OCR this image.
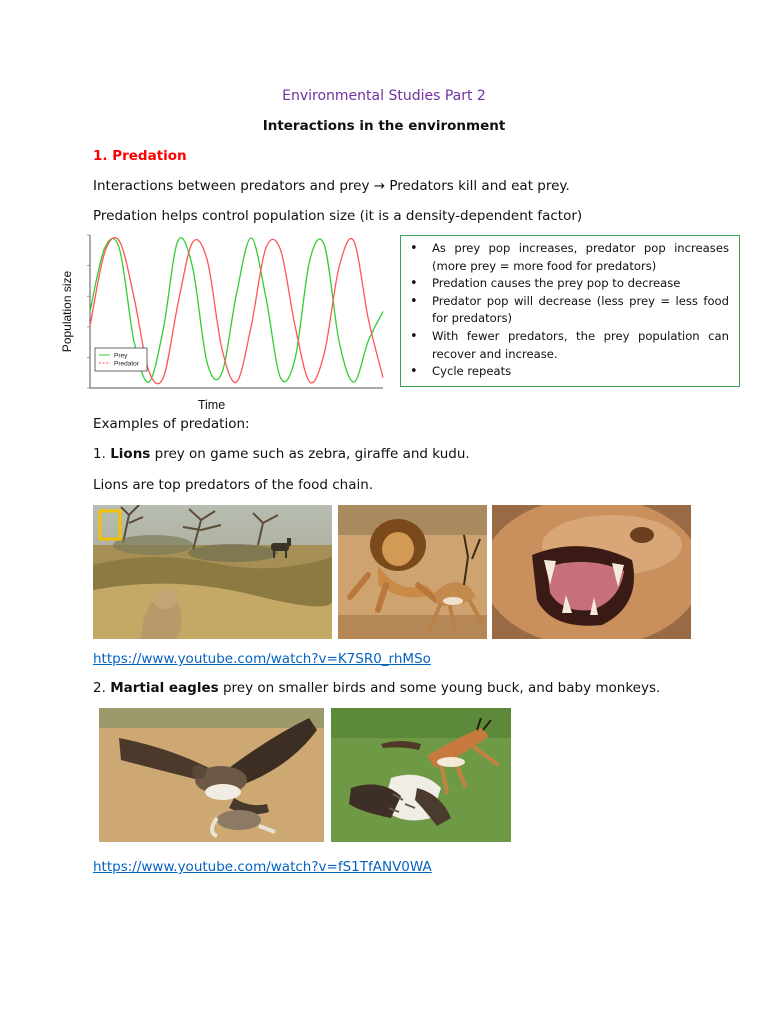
Environmental Studies Part 2
Interactions in the environment
1. Predation
Interactions between predators and prey → Predators kill and eat prey.
Predation helps control population size (it is a density-dependent factor)
Prey
Predator
Population size
Time
• As prey pop increases, predator pop increases (more prey = more food for predators)
• Predation causes the prey pop to decrease
• Predator pop will decrease (less prey = less food for predators)
• With fewer predators, the prey population can recover and increase.
• Cycle repeats
Examples of predation:
1. Lions prey on game such as zebra, giraffe and kudu.
Lions are top predators of the food chain.
https://www.youtube.com/watch?v=K7SR0_rhMSo
2. Martial eagles prey on smaller birds and some young buck, and baby monkeys.
https://www.youtube.com/watch?v=fS1TfANV0WA
